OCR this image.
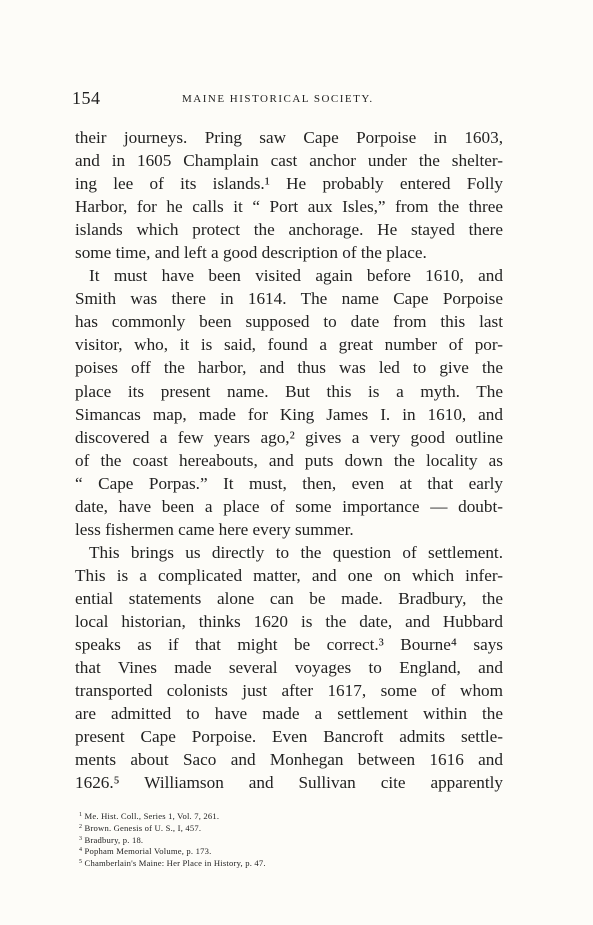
154	MAINE HISTORICAL SOCIETY.
their journeys. Pring saw Cape Porpoise in 1603,
and in 1605 Champlain cast anchor under the shelter-
ing lee of its islands.¹ He probably entered Folly
Harbor, for he calls it “ Port aux Isles,” from the three
islands which protect the anchorage. He stayed there
some time, and left a good description of the place.
It must have been visited again before 1610, and
Smith was there in 1614. The name Cape Porpoise
has commonly been supposed to date from this last
visitor, who, it is said, found a great number of por-
poises off the harbor, and thus was led to give the
place its present name. But this is a myth. The
Simancas map, made for King James I. in 1610, and
discovered a few years ago,² gives a very good outline
of the coast hereabouts, and puts down the locality as
“ Cape Porpas.” It must, then, even at that early
date, have been a place of some importance — doubt-
less fishermen came here every summer.
This brings us directly to the question of settlement.
This is a complicated matter, and one on which infer-
ential statements alone can be made. Bradbury, the
local historian, thinks 1620 is the date, and Hubbard
speaks as if that might be correct.³ Bourne⁴ says
that Vines made several voyages to England, and
transported colonists just after 1617, some of whom
are admitted to have made a settlement within the
present Cape Porpoise. Even Bancroft admits settle-
ments about Saco and Monhegan between 1616 and
1626.⁵ Williamson and Sullivan cite apparently
$^1$ Me. Hist. Coll., Series 1, Vol. 7, 261.
$^2$ Brown. Genesis of U. S., I, 457.
$^3$ Bradbury, p. 18.
$^4$ Popham Memorial Volume, p. 173.
$^5$ Chamberlain's Maine: Her Place in History, p. 47.
